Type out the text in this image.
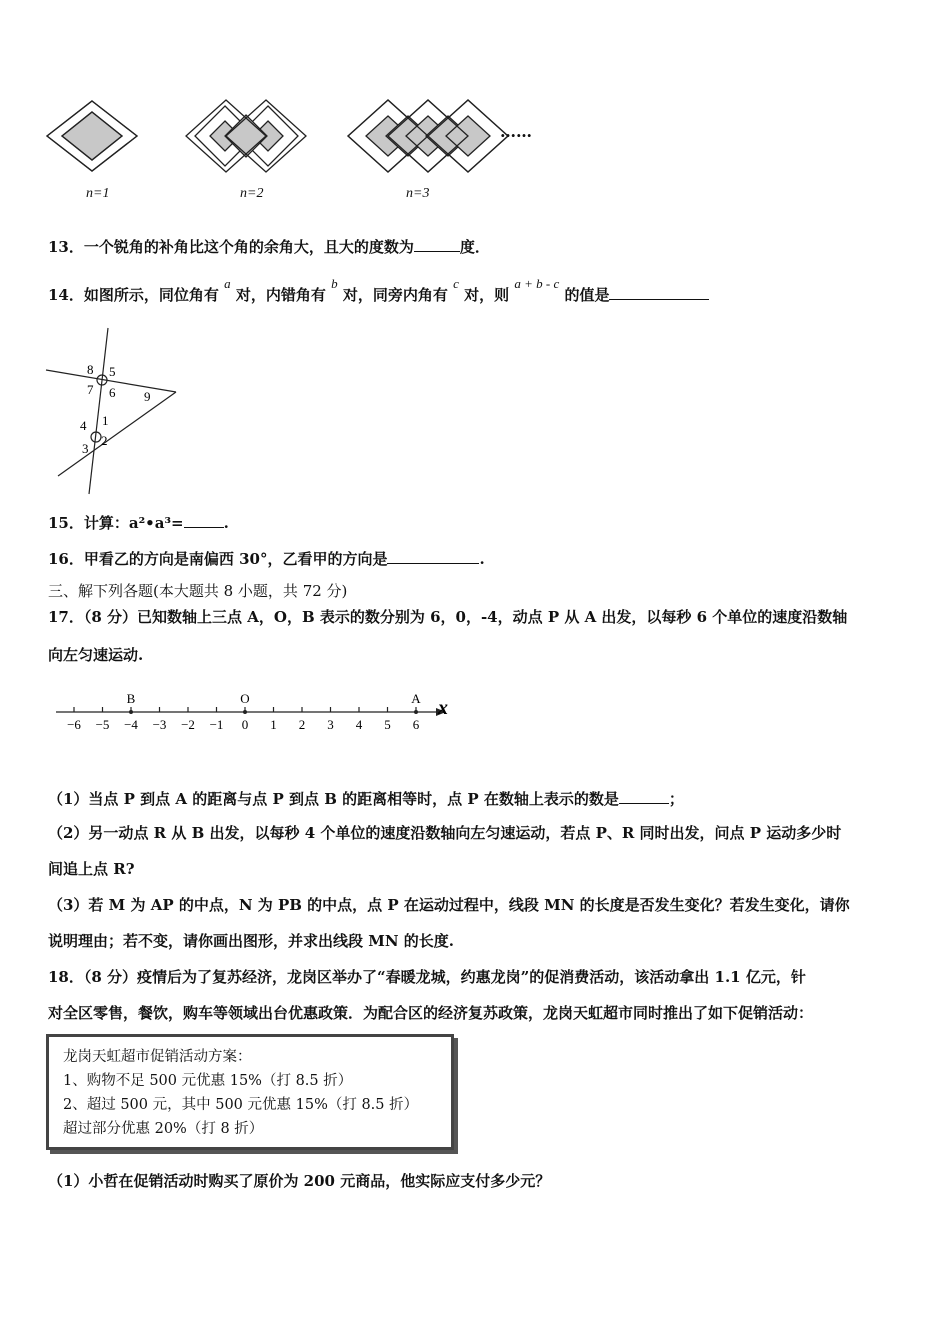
……
n=1	n=2	n=3
13．一个锐角的补角比这个角的余角大，且大的度数为	度．
14．如图所示，同位角有 a 对，内错角有 b 对，同旁内角有 c 对，则 a + b - c 的值是
8 5
7 6 9
4 1
2
3
15．计算：a²•a³=	.
16．甲看乙的方向是南偏西 30°，乙看甲的方向是	.
三、解下列各题(本大题共 8 小题，共 72 分)
17．（8 分）已知数轴上三点 A，O，B 表示的数分别为 6，0，-4，动点 P 从 A 出发，以每秒 6 个单位的速度沿数轴
向左匀速运动.
−6 −5 −4 −3 −2 −1 0 1 2 3 4 5 6
B	O	A x
（1）当点 P 到点 A 的距离与点 P 到点 B 的距离相等时，点 P 在数轴上表示的数是	；
（2）另一动点 R 从 B 出发，以每秒 4 个单位的速度沿数轴向左匀速运动，若点 P、R 同时出发，问点 P 运动多少时
间追上点 R?
（3）若 M 为 AP 的中点，N 为 PB 的中点，点 P 在运动过程中，线段 MN 的长度是否发生变化？若发生变化，请你
说明理由；若不变，请你画出图形，并求出线段 MN 的长度.
18．（8 分）疫情后为了复苏经济，龙岗区举办了“春暖龙城，约惠龙岗”的促消费活动，该活动拿出 1.1 亿元，针
对全区零售，餐饮，购车等领域出台优惠政策．为配合区的经济复苏政策，龙岗天虹超市同时推出了如下促销活动：
龙岗天虹超市促销活动方案：
1、购物不足 500 元优惠 15%（打 8.5 折）
2、超过 500 元，其中 500 元优惠 15%（打 8.5 折）
超过部分优惠 20%（打 8 折）
（1）小哲在促销活动时购买了原价为 200 元商品，他实际应支付多少元？
